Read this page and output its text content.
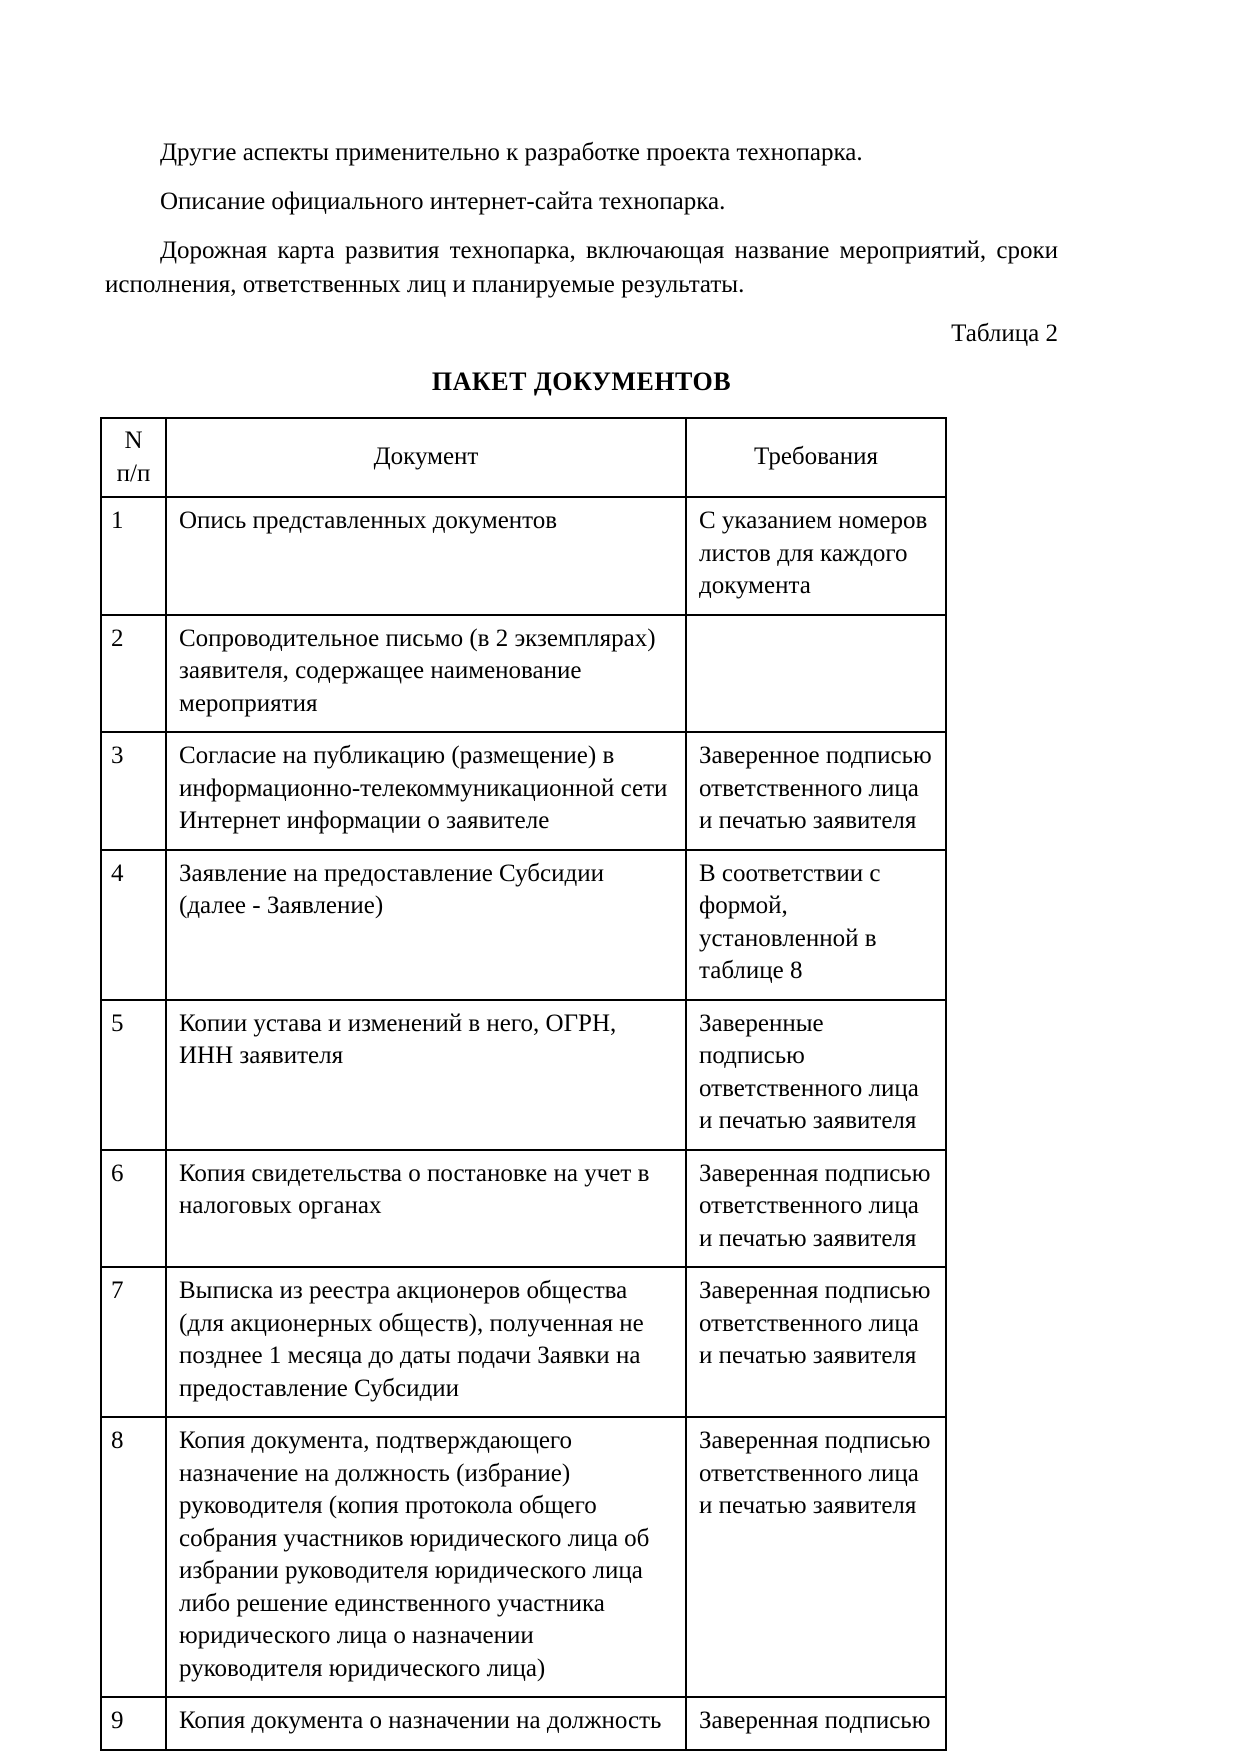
Другие аспекты применительно к разработке проекта технопарка.

Описание официального интернет-сайта технопарка.

Дорожная карта развития технопарка, включающая название мероприятий, сроки исполнения, ответственных лиц и планируемые результаты.

Таблица 2
ПАКЕТ ДОКУМЕНТОВ
N
п/п	Документ	Требования
1	Опись представленных документов	С указанием номеров листов для каждого документа
2	Сопроводительное письмо (в 2 экземплярах) заявителя, содержащее наименование мероприятия	
3	Согласие на публикацию (размещение) в информационно-телекоммуникационной сети Интернет информации о заявителе	Заверенное подписью ответственного лица и печатью заявителя
4	Заявление на предоставление Субсидии (далее - Заявление)	В соответствии с формой, установленной в таблице 8
5	Копии устава и изменений в него, ОГРН, ИНН заявителя	Заверенные подписью ответственного лица и печатью заявителя
6	Копия свидетельства о постановке на учет в налоговых органах	Заверенная подписью ответственного лица и печатью заявителя
7	Выписка из реестра акционеров общества (для акционерных обществ), полученная не позднее 1 месяца до даты подачи Заявки на предоставление Субсидии	Заверенная подписью ответственного лица и печатью заявителя
8	Копия документа, подтверждающего назначение на должность (избрание) руководителя (копия протокола общего собрания участников юридического лица об избрании руководителя юридического лица либо решение единственного участника юридического лица о назначении руководителя юридического лица)	Заверенная подписью ответственного лица и печатью заявителя
9	Копия документа о назначении на должность	Заверенная подписью
